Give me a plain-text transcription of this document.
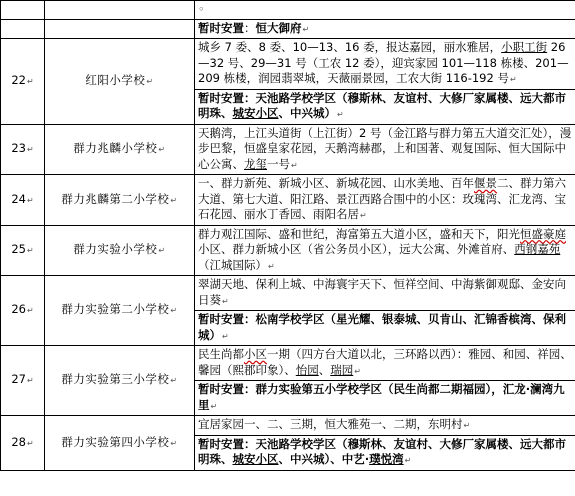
		◦
		暂时安置：恒大御府↵
22↵	红阳小学校↵	城乡 7 委、8 委、10—13、16 委，报达嘉园，丽水雅居，小职工街 26—32 号、29—31 号（工农 12 委），迎宾家园 101—118 栋楼、201—209 栋楼，润园翡翠城，天薇丽景园，工农大街 116-192 号↵
		暂时安置：天池路学校学区（穆斯林、友谊村、大修厂家属楼、远大都市明珠、城安小区、中兴城）↵
23↵	群力兆麟小学校↵	天鹅湾，上江头道街（上江街）2 号（金江路与群力第五大道交汇处），漫步巴黎，恒盛皇家花园，天鹅湾赫郡，上和国著、观复国际、恒大国际中心公寓、龙玺一号↵
24↵	群力兆麟第二小学校↵	一、群力新苑、新城小区、新城花园、山水美地、百年偃景二、群力第六大道、第七大道、阳江路、景江西路合围中的小区：玫瑰湾、汇龙湾、宝石花园、丽水丁香园、雨阳名居↵
25↵	群力实验小学校↵	群力观江国际、盛和世纪，海富第五大道小区，盛和天下，阳光恒盛豪庭小区、群力新城小区（省公务员小区），远大公寓、外滩首府、西钢嘉苑（江城国际）↵
26↵	群力实验第二小学校↵	翠湖天地、保利上城、中海寰宇天下、恒祥空间、中海紫御观邸、金安向日葵↵
		暂时安置：松南学校学区（星光耀、银泰城、贝肯山、汇锦香槟湾、保利城）↵
27↵	群力实验第三小学校↵	民生尚都小区一期（四方台大道以北，三环路以西）：雅园、和园、祥园、馨园（熙郡印象）、怡园、瑞园↵
		暂时安置：群力实验第五小学校学区（民生尚都二期福园），汇龙·澜湾九里↵
28↵	群力实验第四小学校↵	宜居家园一、二、三期，恒大雅苑一、二期，东明村↵
		暂时安置：天池路学校学区（穆斯林、友谊村、大修厂家属楼、远大都市明珠、城安小区、中兴城）、中艺·璞悦湾↵
